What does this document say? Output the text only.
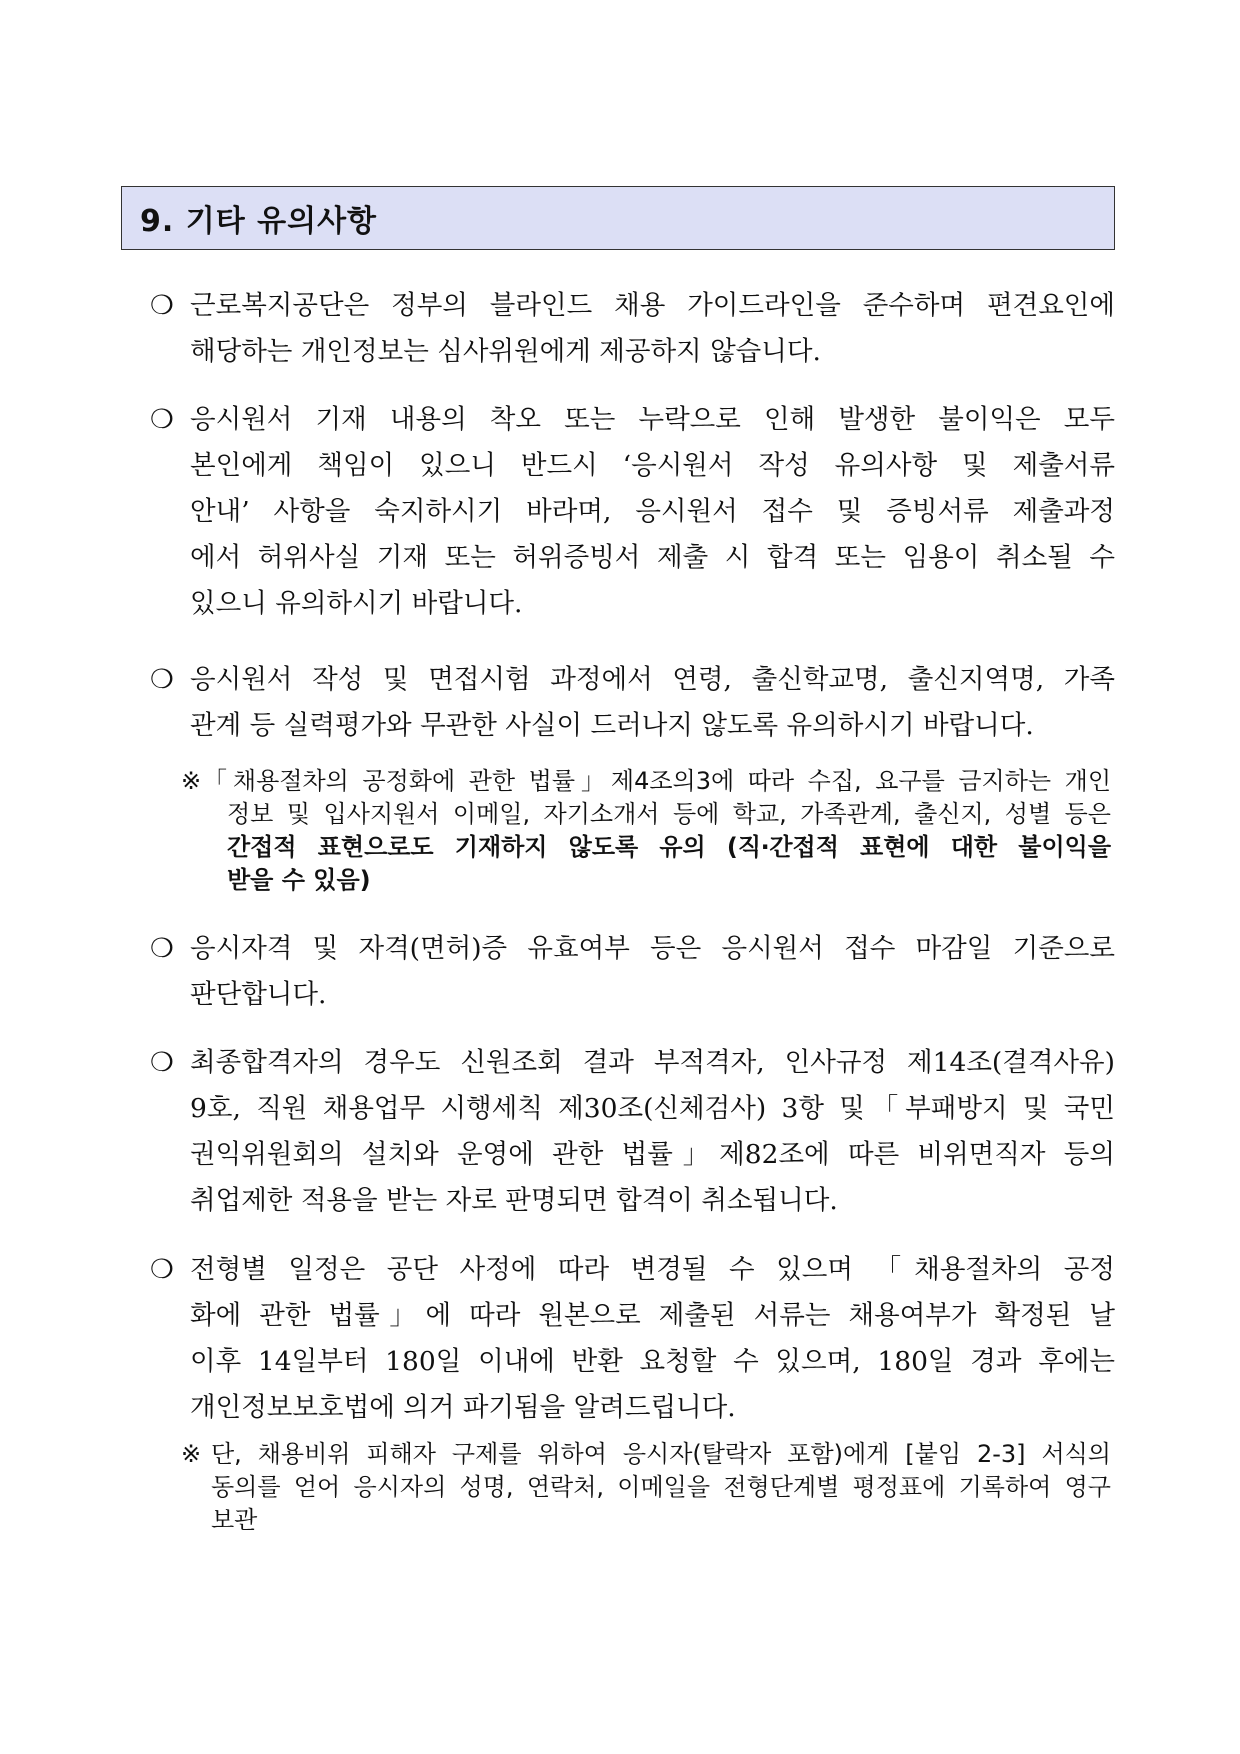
9. 기타 유의사항
❍ 근로복지공단은 정부의 블라인드 채용 가이드라인을 준수하며 편견요인에
해당하는 개인정보는 심사위원에게 제공하지 않습니다.
❍ 응시원서 기재 내용의 착오 또는 누락으로 인해 발생한 불이익은 모두
본인에게 책임이 있으니 반드시 ‘응시원서 작성 유의사항 및 제출서류
안내’ 사항을 숙지하시기 바라며, 응시원서 접수 및 증빙서류 제출과정
에서 허위사실 기재 또는 허위증빙서 제출 시 합격 또는 임용이 취소될 수
있으니 유의하시기 바랍니다.
❍ 응시원서 작성 및 면접시험 과정에서 연령, 출신학교명, 출신지역명, 가족
관계 등 실력평가와 무관한 사실이 드러나지 않도록 유의하시기 바랍니다.
※ 「채용절차의 공정화에 관한 법률」제4조의3에 따라 수집, 요구를 금지하는 개인
정보 및 입사지원서 이메일, 자기소개서 등에 학교, 가족관계, 출신지, 성별 등은
간접적 표현으로도 기재하지 않도록 유의 (직‧간접적 표현에 대한 불이익을
받을 수 있음)
❍ 응시자격 및 자격(면허)증 유효여부 등은 응시원서 접수 마감일 기준으로
판단합니다.
❍ 최종합격자의 경우도 신원조회 결과 부적격자, 인사규정 제14조(결격사유)
9호, 직원 채용업무 시행세칙 제30조(신체검사) 3항 및「부패방지 및 국민
권익위원회의 설치와 운영에 관한 법률」제82조에 따른 비위면직자 등의
취업제한 적용을 받는 자로 판명되면 합격이 취소됩니다.
❍ 전형별 일정은 공단 사정에 따라 변경될 수 있으며 「채용절차의 공정
화에 관한 법률」에 따라 원본으로 제출된 서류는 채용여부가 확정된 날
이후 14일부터 180일 이내에 반환 요청할 수 있으며, 180일 경과 후에는
개인정보보호법에 의거 파기됨을 알려드립니다.
※ 단, 채용비위 피해자 구제를 위하여 응시자(탈락자 포함)에게 [붙임 2-3] 서식의
동의를 얻어 응시자의 성명, 연락처, 이메일을 전형단계별 평정표에 기록하여 영구
보관
